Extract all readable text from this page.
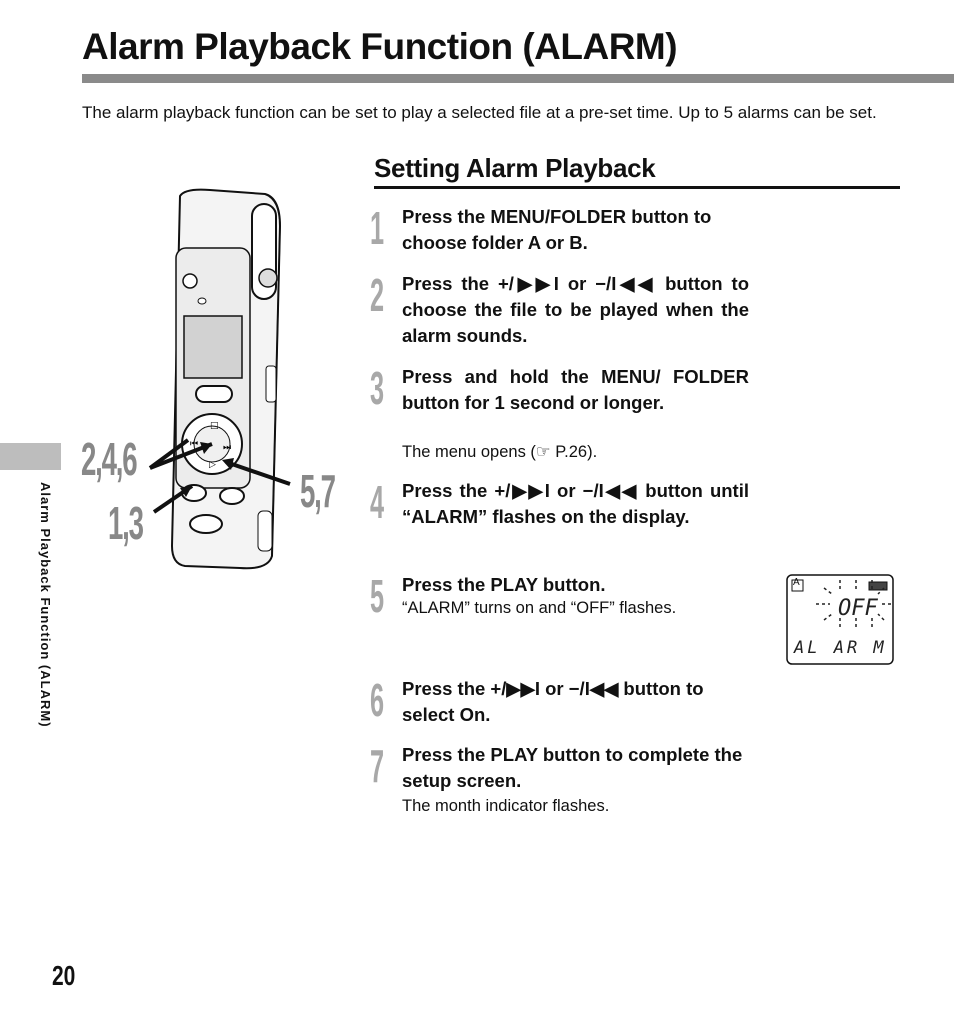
Alarm Playback Function (ALARM)

The alarm playback function can be set to play a selected file at a pre-set time. Up to 5 alarms can be set.

Alarm Playback Function (ALARM)
□
⏮	⏭
▷
2,4,6
1,3
5,7
Setting Alarm Playback
1 Press the MENU/FOLDER button to choose folder A or B.
2 Press the +/▶▶I or −/I◀◀ button to choose the file to be played when the alarm sounds.
3 Press and hold the MENU/ FOLDER button for 1 second or longer.
The menu opens (☞ P.26).
4 Press the +/▶▶I or −/I◀◀ button until “ALARM” flashes on the display.
5 Press the PLAY button.
“ALARM” turns on and “OFF” flashes.
6 Press the +/▶▶I or −/I◀◀ button to select On.
7 Press the PLAY button to complete the setup screen.
The month indicator flashes.
A
OFF
AL AR M
20
